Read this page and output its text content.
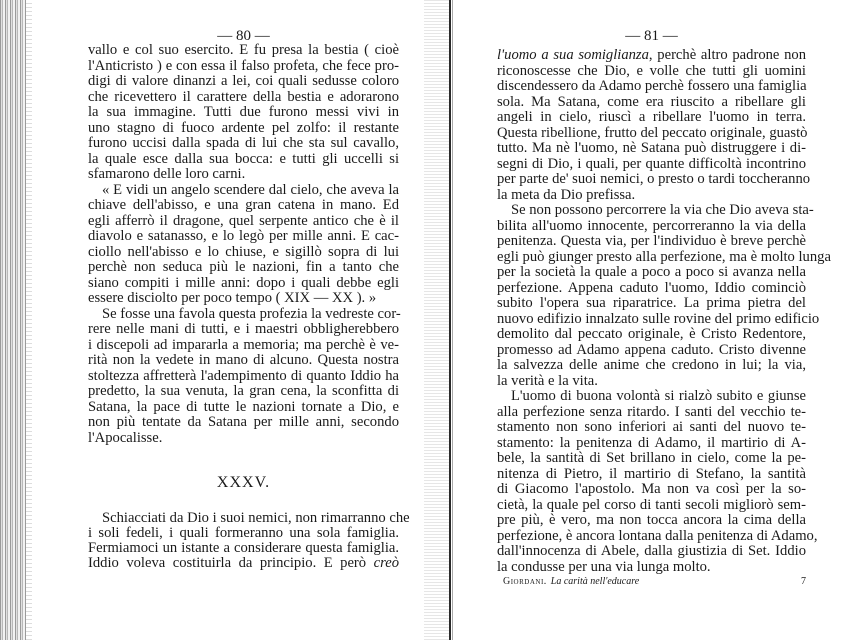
— 80 —
vallo e col suo esercito. E fu presa la bestia ( cioè
l'Anticristo ) e con essa il falso profeta, che fece pro-
digi di valore dinanzi a lei, coi quali sedusse coloro
che ricevettero il carattere della bestia e adorarono
la sua immagine. Tutti due furono messi vivi in
uno stagno di fuoco ardente pel zolfo: il restante
furono uccisi dalla spada di lui che sta sul cavallo,
la quale esce dalla sua bocca: e tutti gli uccelli si
sfamarono delle loro carni.
« E vidi un angelo scendere dal cielo, che aveva la
chiave dell'abisso, e una gran catena in mano. Ed
egli afferrò il dragone, quel serpente antico che è il
diavolo e satanasso, e lo legò per mille anni. E cac-
ciollo nell'abisso e lo chiuse, e sigillò sopra di lui
perchè non seduca più le nazioni, fin a tanto che
siano compiti i mille anni: dopo i quali debbe egli
essere disciolto per poco tempo ( XIX — XX ). »
Se fosse una favola questa profezia la vedreste cor-
rere nelle mani di tutti, e i maestri obbligherebbero
i discepoli ad impararla a memoria; ma perchè è ve-
rità non la vedete in mano di alcuno. Questa nostra
stoltezza affretterà l'adempimento di quanto Iddio ha
predetto, la sua venuta, la gran cena, la sconfitta di
Satana, la pace di tutte le nazioni tornate a Dio, e
non più tentate da Satana per mille anni, secondo
l'Apocalisse.
XXXV.
Schiacciati da Dio i suoi nemici, non rimarranno che
i soli fedeli, i quali formeranno una sola famiglia.
Fermiamoci un istante a considerare questa famiglia.
Iddio voleva costituirla da principio. E però creò
— 81 —
l'uomo a sua somiglianza, perchè altro padrone non
riconoscesse che Dio, e volle che tutti gli uomini
discendessero da Adamo perchè fossero una famiglia
sola. Ma Satana, come era riuscito a ribellare gli
angeli in cielo, riuscì a ribellare l'uomo in terra.
Questa ribellione, frutto del peccato originale, guastò
tutto. Ma nè l'uomo, nè Satana può distruggere i di-
segni di Dio, i quali, per quante difficoltà incontrino
per parte de' suoi nemici, o presto o tardi toccheranno
la meta da Dio prefissa.
Se non possono percorrere la via che Dio aveva sta-
bilita all'uomo innocente, percorreranno la via della
penitenza. Questa via, per l'individuo è breve perchè
egli può giunger presto alla perfezione, ma è molto lunga
per la società la quale a poco a poco si avanza nella
perfezione. Appena caduto l'uomo, Iddio cominciò
subito l'opera sua riparatrice. La prima pietra del
nuovo edifizio innalzato sulle rovine del primo edificio
demolito dal peccato originale, è Cristo Redentore,
promesso ad Adamo appena caduto. Cristo divenne
la salvezza delle anime che credono in lui; la via,
la verità e la vita.
L'uomo di buona volontà si rialzò subito e giunse
alla perfezione senza ritardo. I santi del vecchio te-
stamento non sono inferiori ai santi del nuovo te-
stamento: la penitenza di Adamo, il martirio di A-
bele, la santità di Set brillano in cielo, come la pe-
nitenza di Pietro, il martirio di Stefano, la santità
di Giacomo l'apostolo. Ma non va così per la so-
cietà, la quale pel corso di tanti secoli migliorò sem-
pre più, è vero, ma non tocca ancora la cima della
perfezione, è ancora lontana dalla penitenza di Adamo,
dall'innocenza di Abele, dalla giustizia di Set. Iddio
la condusse per una via lunga molto.
Giordani. La carità nell'educare	7
